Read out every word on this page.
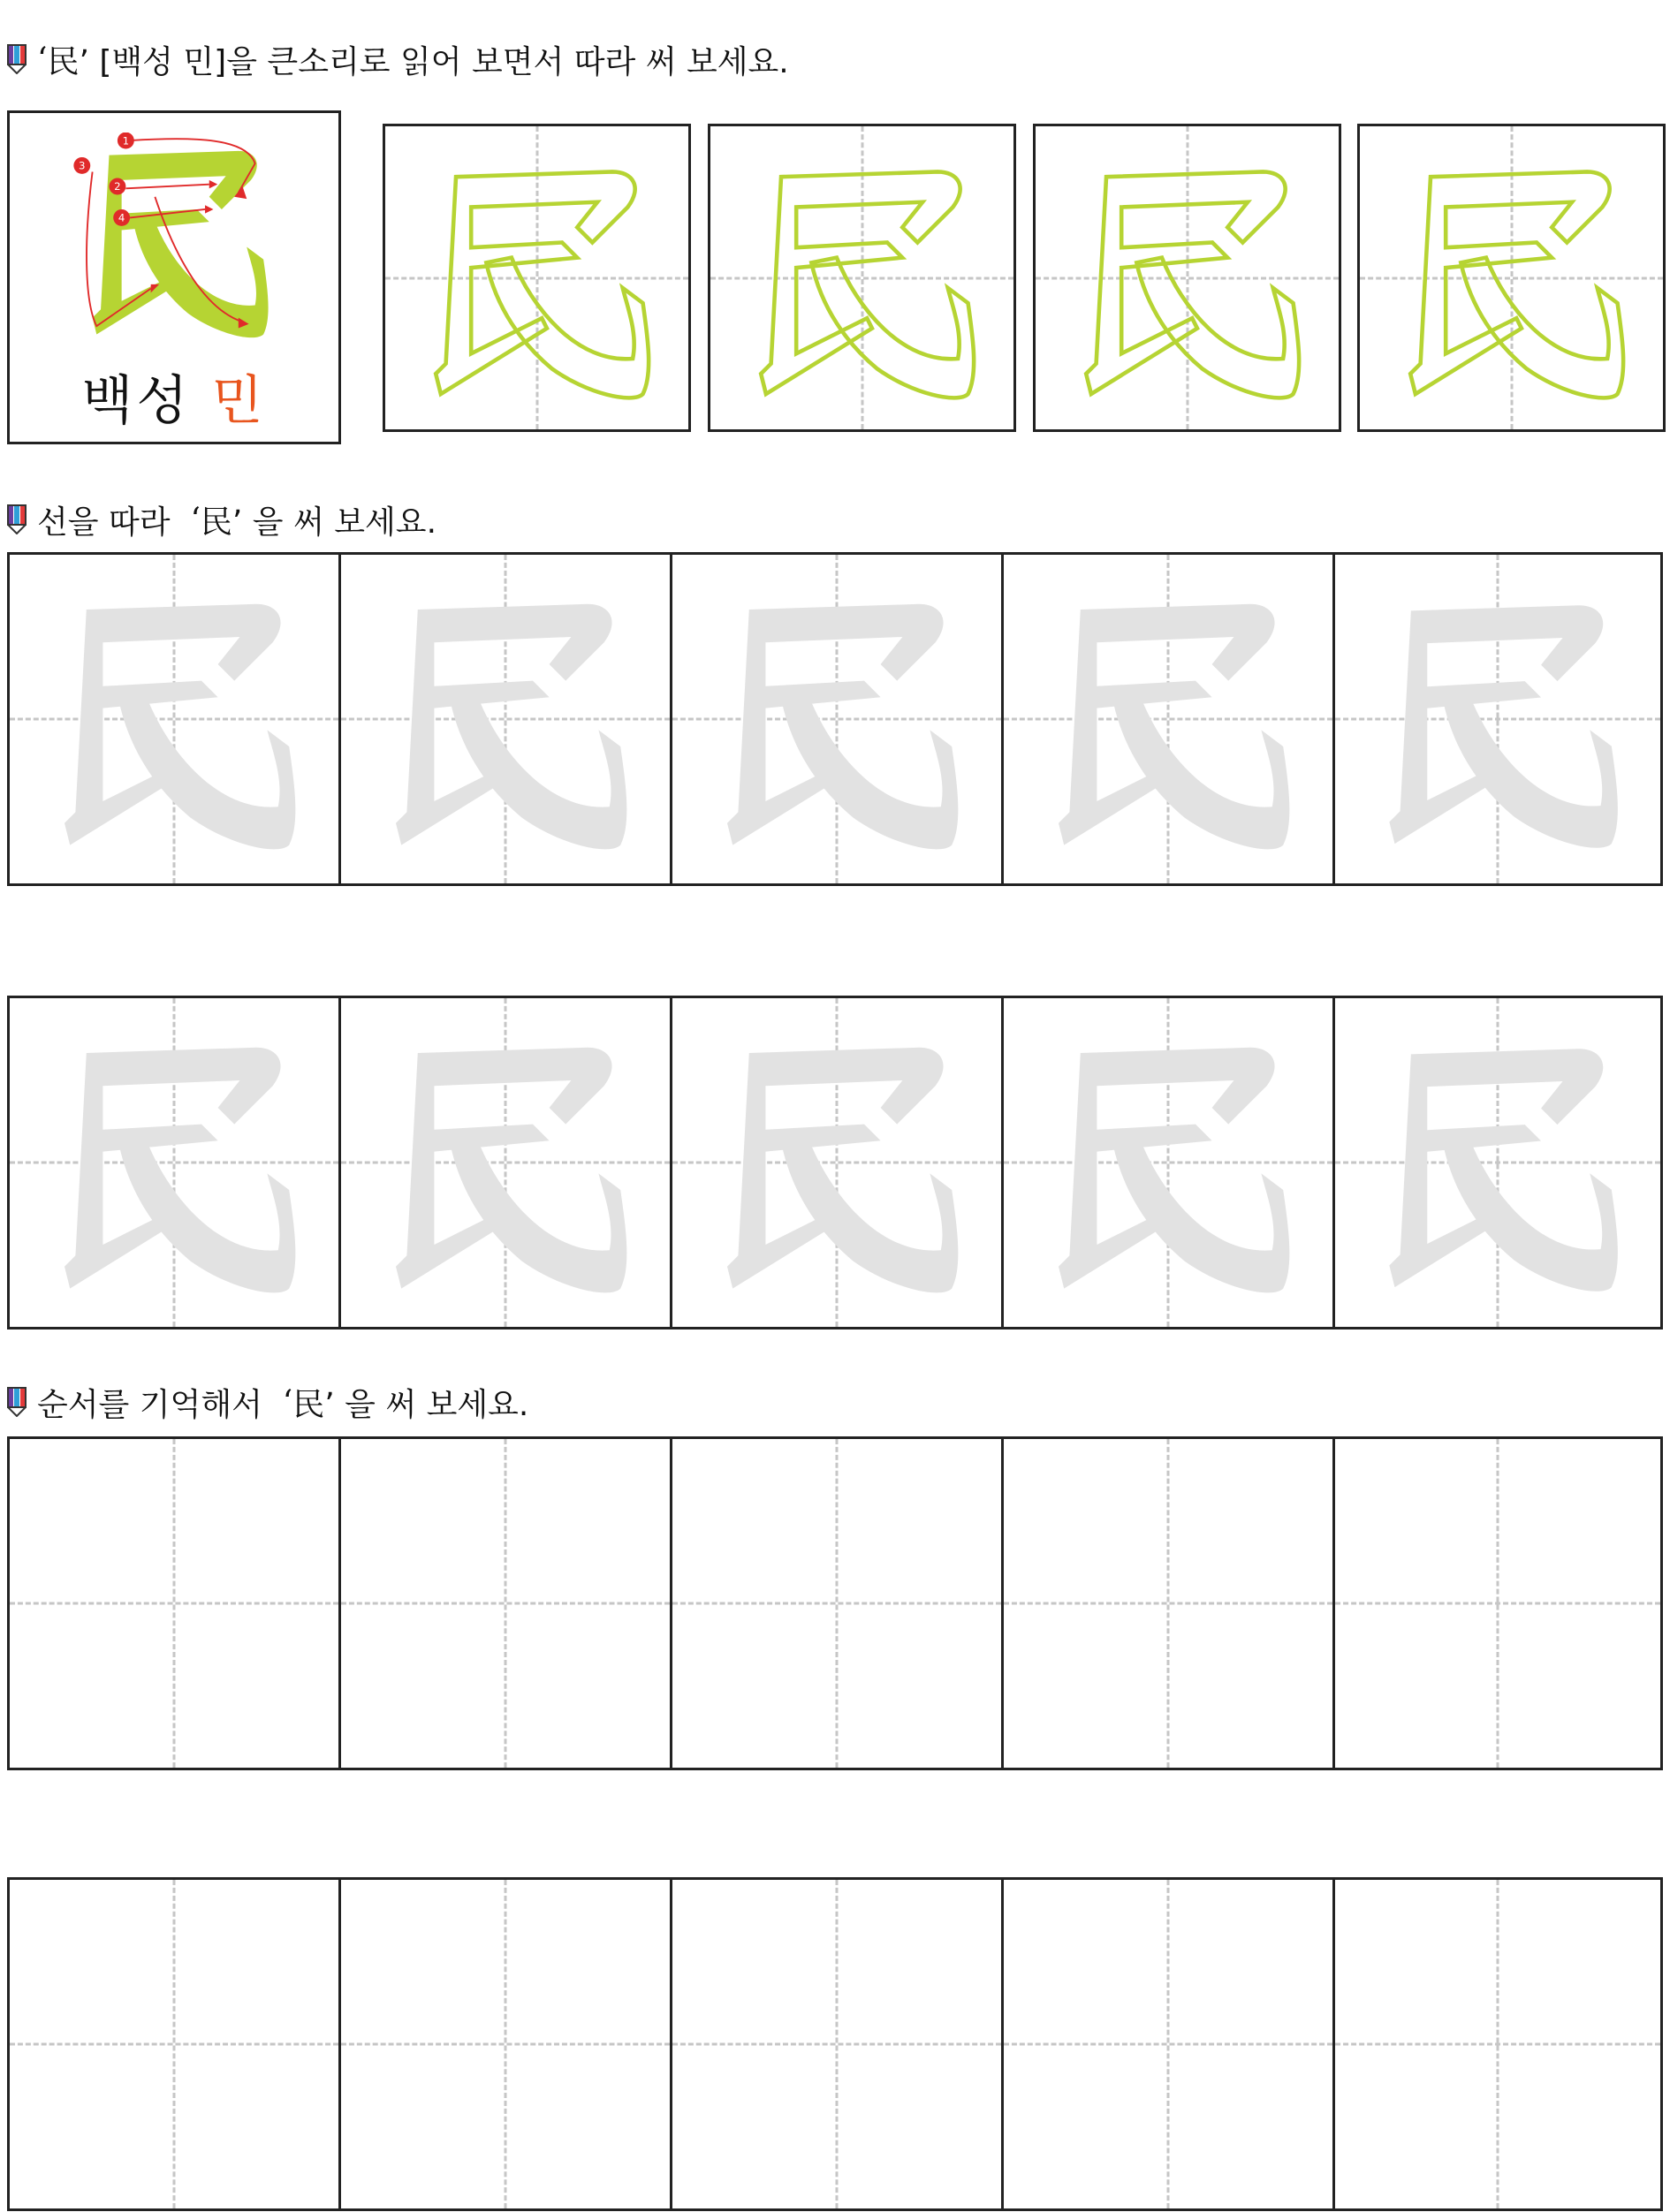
‘ 民 ’ [백성 민]을 큰소리로 읽어 보면서 따라 써 보세요.
1
2
3
4
백성 민
선을 따라
‘ 民 ’ 을 써 보세요.
순서를 기억해서
‘ 民 ’ 을 써 보세요.
